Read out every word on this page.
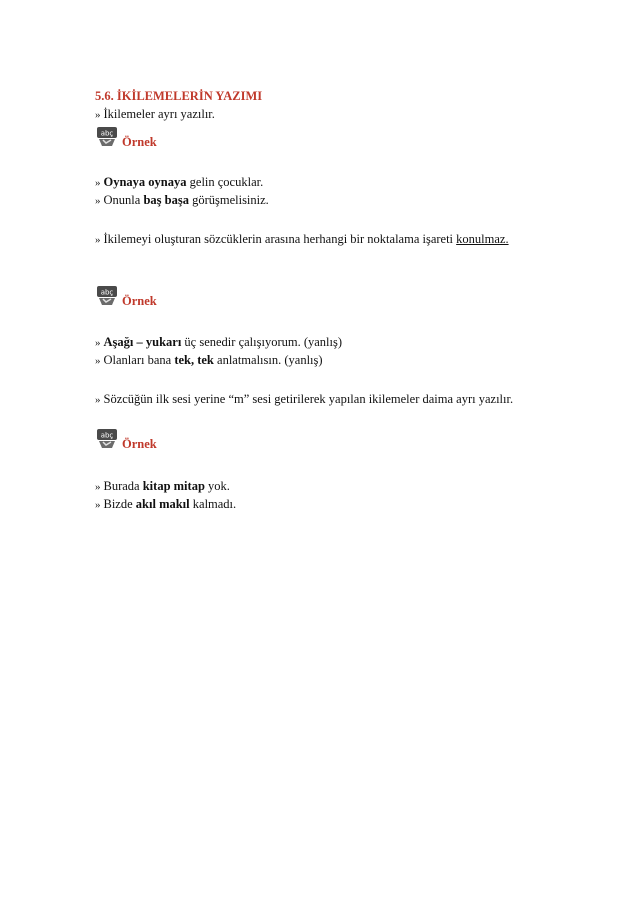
5.6. İKİLEMELERİN YAZIMI
» İkilemeler ayrı yazılır.
abç
Örnek
» Oynaya oynaya gelin çocuklar.
» Onunla baş başa görüşmelisiniz.
» İkilemeyi oluşturan sözcüklerin arasına herhangi bir noktalama işareti konulmaz.
abç
Örnek
» Aşağı – yukarı üç senedir çalışıyorum. (yanlış)
» Olanları bana tek, tek anlatmalısın. (yanlış)
» Sözcüğün ilk sesi yerine “m” sesi getirilerek yapılan ikilemeler daima ayrı yazılır.
abç
Örnek
» Burada kitap mitap yok.
» Bizde akıl makıl kalmadı.
